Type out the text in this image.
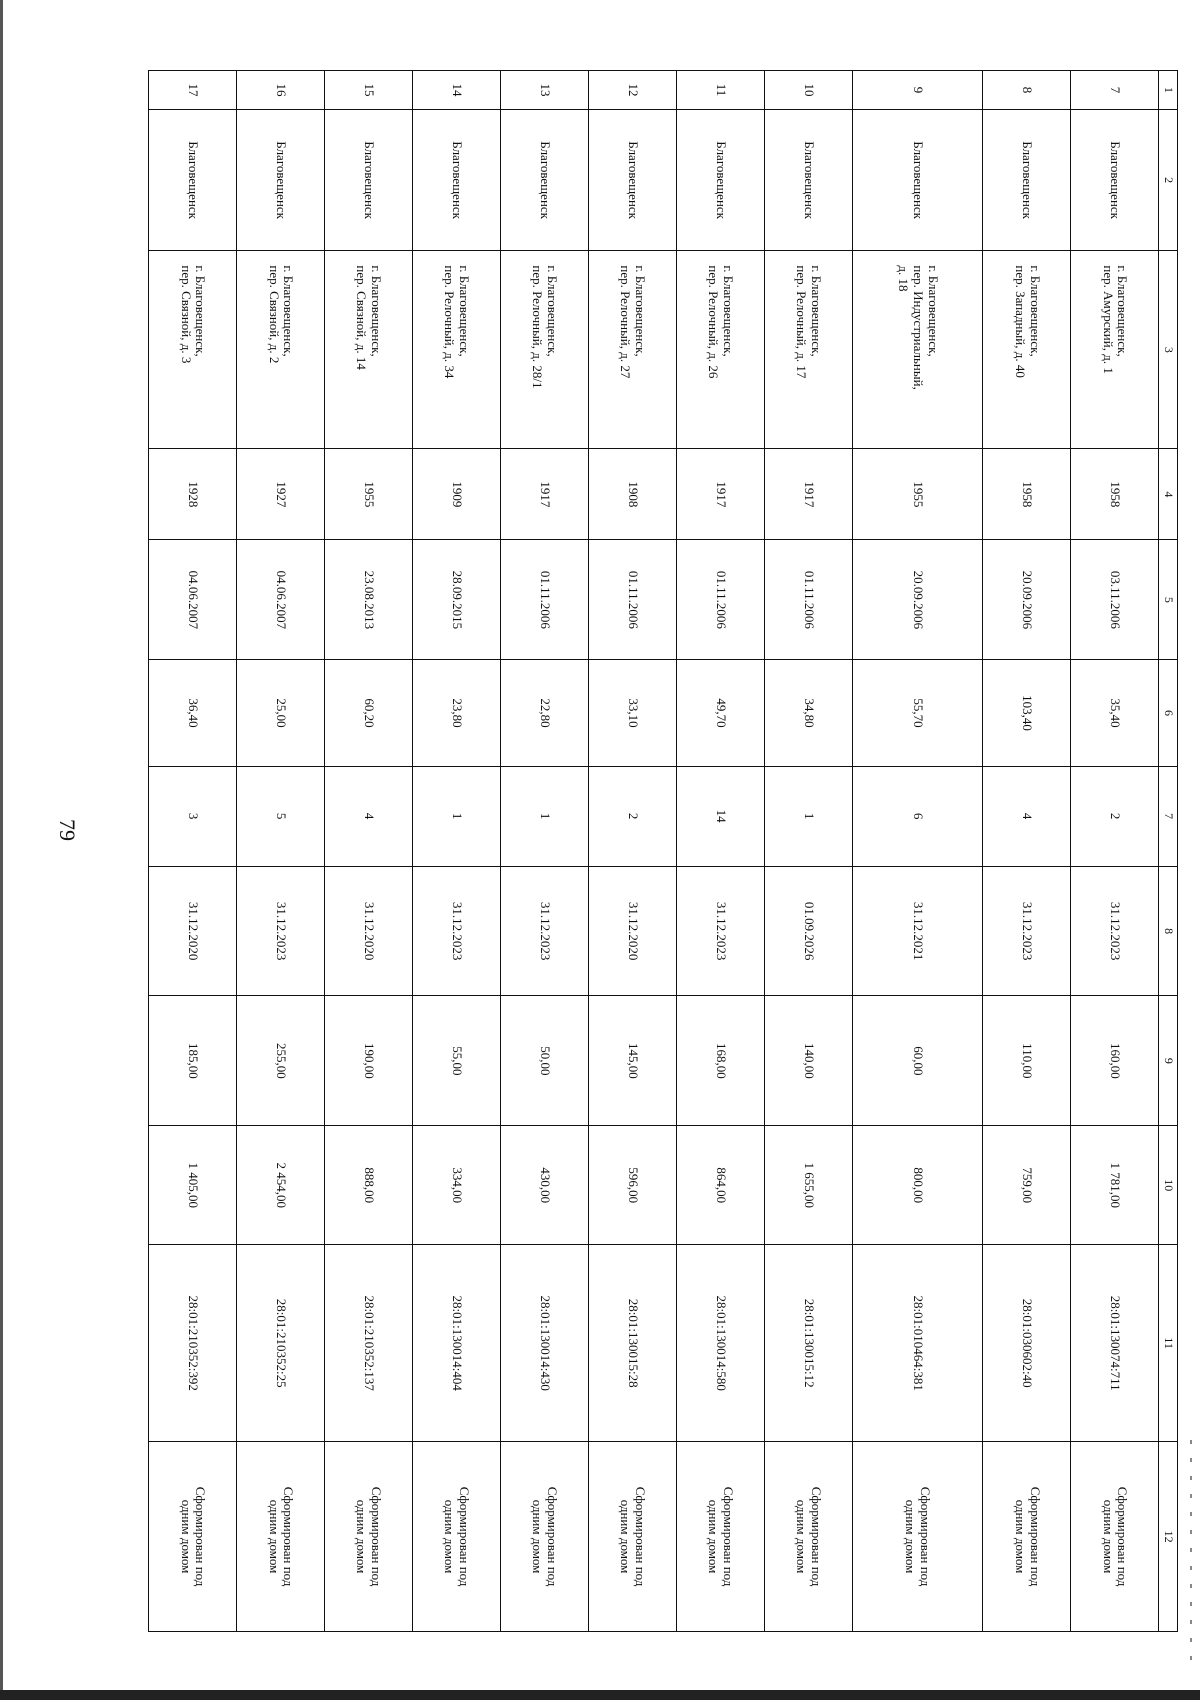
79
1	2	3	4	5	6	7	8	9	10	11	12
7	Благовещенск	г. Благовещенск,
пер. Амурский, д. 1	1958	03.11.2006	35,40	2	31.12.2023	160,00	1 781,00	28:01:130074:711	Сформирован под
одним домом
8	Благовещенск	г. Благовещенск,
пер. Западный, д. 40	1958	20.09.2006	103,40	4	31.12.2023	110,00	759,00	28:01:030602:40	Сформирован под
одним домом
9	Благовещенск	г. Благовещенск,
пер. Индустриальный,
д. 18	1955	20.09.2006	55,70	6	31.12.2021	60,00	800,00	28:01:010464:381	Сформирован под
одним домом
10	Благовещенск	г. Благовещенск,
пер. Релочный, д. 17	1917	01.11.2006	34,80	1	01.09.2026	140,00	1 655,00	28:01:130015:12	Сформирован под
одним домом
11	Благовещенск	г. Благовещенск,
пер. Релочный, д. 26	1917	01.11.2006	49,70	14	31.12.2023	168,00	864,00	28:01:130014:580	Сформирован под
одним домом
12	Благовещенск	г. Благовещенск,
пер. Релочный, д. 27	1908	01.11.2006	33,10	2	31.12.2020	145,00	596,00	28:01:130015:28	Сформирован под
одним домом
13	Благовещенск	г. Благовещенск,
пер. Релочный, д. 28/1	1917	01.11.2006	22,80	1	31.12.2023	50,00	430,00	28:01:130014:430	Сформирован под
одним домом
14	Благовещенск	г. Благовещенск,
пер. Релочный, д. 34	1909	28.09.2015	23,80	1	31.12.2023	55,00	334,00	28:01:130014:404	Сформирован под
одним домом
15	Благовещенск	г. Благовещенск,
пер. Связной, д. 14	1955	23.08.2013	60,20	4	31.12.2020	190,00	888,00	28:01:210352:137	Сформирован под
одним домом
16	Благовещенск	г. Благовещенск,
пер. Связной, д. 2	1927	04.06.2007	25,00	5	31.12.2023	255,00	2 454,00	28:01:210352:25	Сформирован под
одним домом
17	Благовещенск	г. Благовещенск,
пер. Связной, д. 3	1928	04.06.2007	36,40	3	31.12.2020	185,00	1 405,00	28:01:210352:392	Сформирован под
одним домом
